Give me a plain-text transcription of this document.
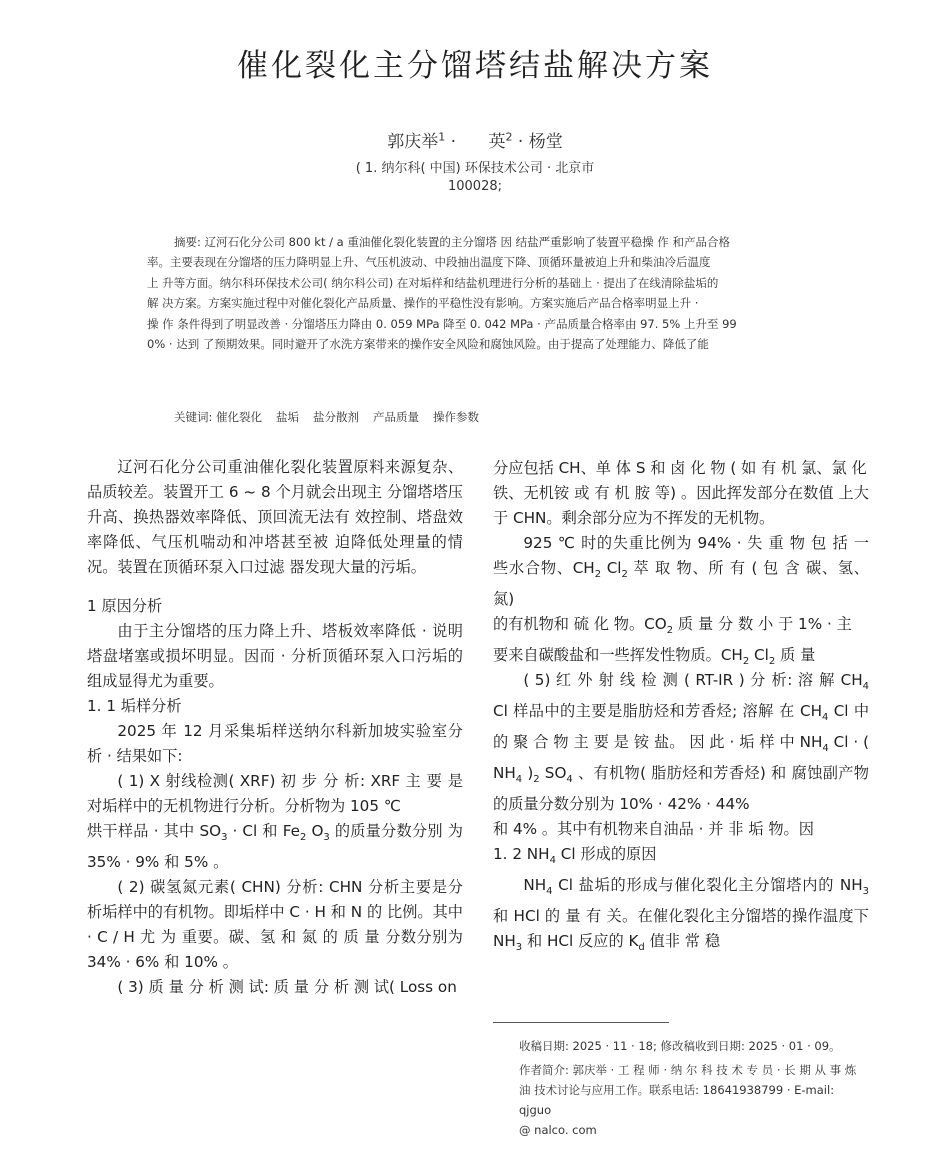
催化裂化主分馏塔结盐解决方案
郭庆举$^1$ · 英$^2$ · 杨堂
( 1. 纳尔科( 中国) 环保技术公司 · 北京市
100028;

摘要: 辽河石化分公司 800 kt / a 重油催化裂化装置的主分馏塔 因 结盐严重影响了装置平稳操 作 和产品合格

率。主要表现在分馏塔的压力降明显上升、气压机波动、中段抽出温度下降、顶循环量被迫上升和柴油冷后温度

上 升等方面。纳尔科环保技术公司( 纳尔科公司) 在对垢样和结盐机理进行分析的基础上 · 提出了在线清除盐垢的

解 决方案。方案实施过程中对催化裂化产品质量、操作的平稳性没有影响。方案实施后产品合格率明显上升 ·

操 作 条件得到了明显改善 · 分馏塔压力降由 0. 059 MPa 降至 0. 042 MPa · 产品质量合格率由 97. 5% 上升至 99

0% · 达到 了预期效果。同时避开了水洗方案带来的操作安全风险和腐蚀风险。由于提高了处理能力、降低了能

关键词: 催化裂化 盐垢 盐分散剂 产品质量 操作参数

辽河石化分公司重油催化裂化装置原料来源复杂、品质较差。装置开工 6 ~ 8 个月就会出现主 分馏塔塔压升高、换热器效率降低、顶回流无法有 效控制、塔盘效率降低、气压机喘动和冲塔甚至被 迫降低处理量的情况。装置在顶循环泵入口过滤 器发现大量的污垢。

1 原因分析

由于主分馏塔的压力降上升、塔板效率降低 · 说明塔盘堵塞或损坏明显。因而 · 分析顶循环泵入口污垢的组成显得尤为重要。

1. 1 垢样分析

2025 年 12 月采集垢样送纳尔科新加坡实验室分析 · 结果如下:

( 1) X 射线检测( XRF) 初 步 分 析: XRF 主 要 是对垢样中的无机物进行分析。分析物为 105 ℃

烘干样品 · 其中 $SO_3 \cdot Cl$ 和 $Fe_2$ $O_3$ 的质量分数分别 为 35% · 9% 和 5% 。

( 2) 碳氢氮元素( CHN) 分析: CHN 分析主要是分析垢样中的有机物。即垢样中 C · H 和 N 的 比例。其中 · C / H 尤 为 重要。碳、氢 和 氮 的 质 量 分数分别为 34% · 6% 和 10% 。

( 3) 质 量 分 析 测 试: 质 量 分 析 测 试( Loss on

分应包括 CH、单 体 S 和 卤 化 物 ( 如 有 机 氯、氯 化

铁、无机铵 或 有 机 胺 等) 。因此挥发部分在数值 上大于 CHN。剩余部分应为不挥发的无机物。

925 ℃ 时的失重比例为 94% · 失 重 物 包 括 一 些水合物、$CH_2$ $Cl_2$ 萃 取 物、所 有 ( 包 含 碳、氢、氮)

的有机物和 硫 化 物。$CO_2$ 质 量 分 数 小 于 1% · 主

要来自碳酸盐和一些挥发性物质。$CH_2$ $Cl_2$ 质 量

( 5) 红 外 射 线 检 测 ( RT-IR ) 分 析: 溶 解 $CH_4$ Cl 样品中的主要是脂肪烃和芳香烃; 溶解 在 $CH_4$ Cl 中 的 聚 合 物 主 要 是 铵 盐。 因 此 · 垢 样 中 $NH_4$ Cl · ( $NH_4$ )$_2$ $SO_4$ 、有机物( 脂肪烃和芳香烃) 和 腐蚀副产物的质量分数分别为 10% · 42% · 44%

和 4% 。其中有机物来自油品 · 并 非 垢 物。因

1. 2 $NH_4$ Cl 形成的原因

$NH_4$ Cl 盐垢的形成与催化裂化主分馏塔内的 $NH_3$ 和 HCl 的 量 有 关。在催化裂化主分馏塔的操作温度下 $NH_3$ 和 HCl 反应的 $K_d$ 值非 常 稳

收稿日期: 2025 · 11 · 18; 修改稿收到日期: 2025 · 01 · 09。

作者简介: 郭庆举 · 工 程 师 · 纳 尔 科 技 术 专 员 · 长 期 从 事 炼 油 技术讨论与应用工作。联系电话: 18641938799 · E-mail: qjguo

@ nalco. com
